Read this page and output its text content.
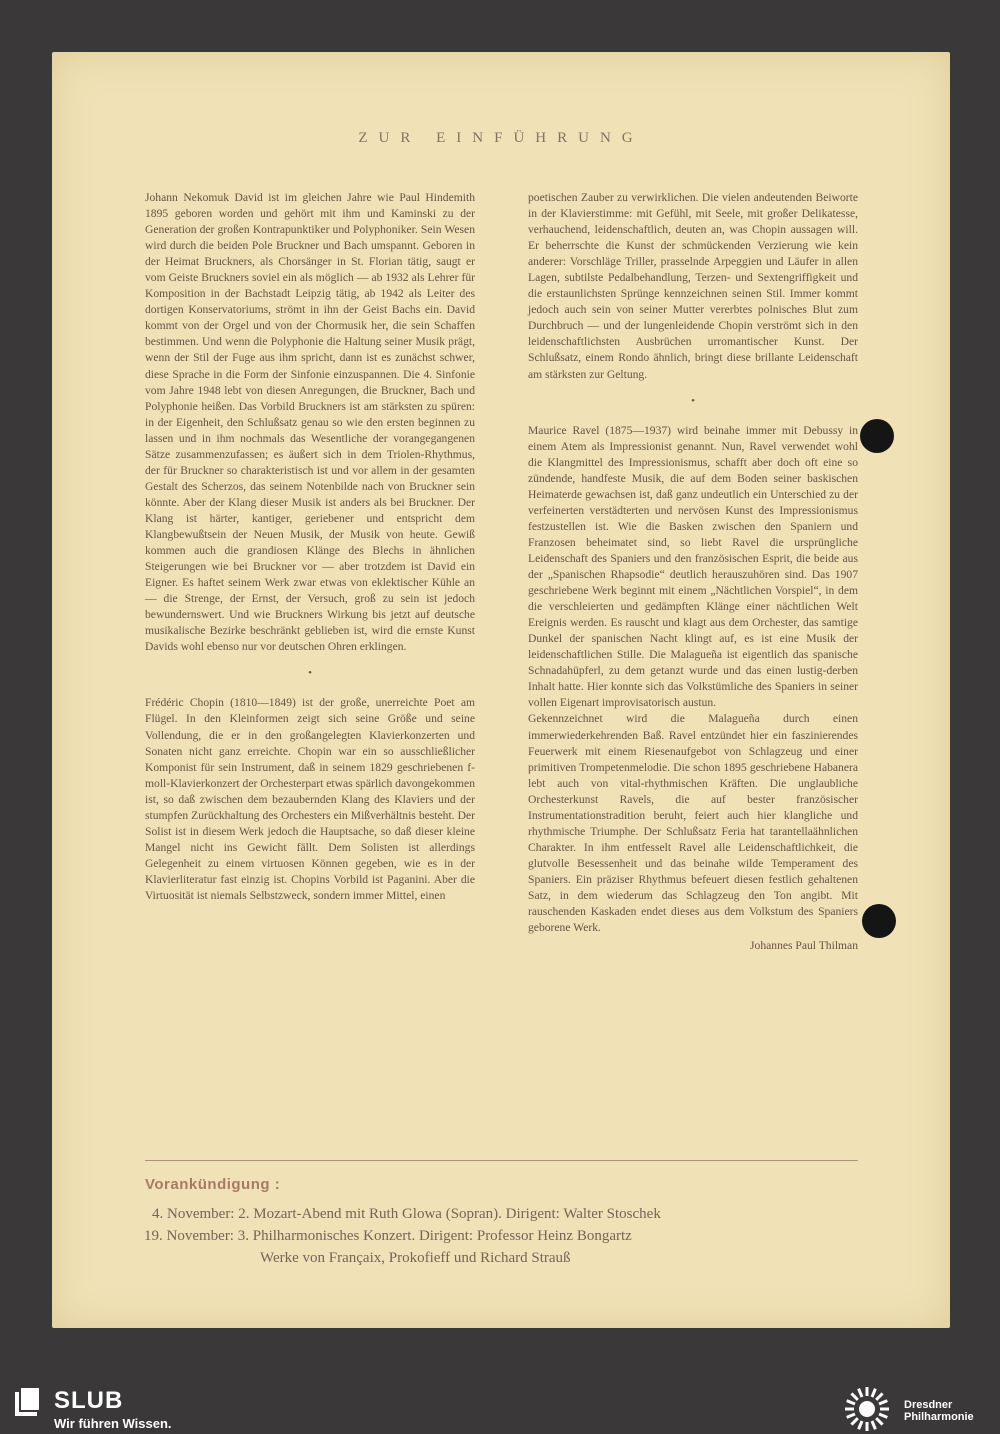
ZUR EINFÜHRUNG

Johann Nekomuk David ist im gleichen Jahre wie Paul Hindemith 1895 geboren worden und gehört mit ihm und Kaminski zu der Generation der großen Kontrapunktiker und Polyphoniker. Sein Wesen wird durch die beiden Pole Bruckner und Bach umspannt. Geboren in der Heimat Bruckners, als Chorsänger in St. Florian tätig, saugt er vom Geiste Bruckners soviel ein als möglich — ab 1932 als Lehrer für Komposition in der Bachstadt Leipzig tätig, ab 1942 als Leiter des dortigen Konservatoriums, strömt in ihn der Geist Bachs ein. David kommt von der Orgel und von der Chormusik her, die sein Schaffen bestimmen. Und wenn die Polyphonie die Haltung seiner Musik prägt, wenn der Stil der Fuge aus ihm spricht, dann ist es zunächst schwer, diese Sprache in die Form der Sinfonie einzuspannen. Die 4. Sinfonie vom Jahre 1948 lebt von diesen Anregungen, die Bruckner, Bach und Polyphonie heißen. Das Vorbild Bruckners ist am stärksten zu spüren: in der Eigenheit, den Schlußsatz genau so wie den ersten beginnen zu lassen und in ihm nochmals das Wesentliche der vorangegangenen Sätze zusammenzufassen; es äußert sich in dem Triolen-Rhythmus, der für Bruckner so charakteristisch ist und vor allem in der gesamten Gestalt des Scherzos, das seinem Notenbilde nach von Bruckner sein könnte. Aber der Klang dieser Musik ist anders als bei Bruckner. Der Klang ist härter, kantiger, geriebener und entspricht dem Klangbewußtsein der Neuen Musik, der Musik von heute. Gewiß kommen auch die grandiosen Klänge des Blechs in ähnlichen Steigerungen wie bei Bruckner vor — aber trotzdem ist David ein Eigner. Es haftet seinem Werk zwar etwas von eklektischer Kühle an — die Strenge, der Ernst, der Versuch, groß zu sein ist jedoch bewundernswert. Und wie Bruckners Wirkung bis jetzt auf deutsche musikalische Bezirke beschränkt geblieben ist, wird die ernste Kunst Davids wohl ebenso nur vor deutschen Ohren erklingen.

•

Frédéric Chopin (1810—1849) ist der große, unerreichte Poet am Flügel. In den Kleinformen zeigt sich seine Größe und seine Vollendung, die er in den großangelegten Klavierkonzerten und Sonaten nicht ganz erreichte. Chopin war ein so ausschließlicher Komponist für sein Instrument, daß in seinem 1829 geschriebenen f-moll-Klavierkonzert der Orchesterpart etwas spärlich davongekommen ist, so daß zwischen dem bezaubernden Klang des Klaviers und der stumpfen Zurückhaltung des Orchesters ein Mißverhältnis besteht. Der Solist ist in diesem Werk jedoch die Hauptsache, so daß dieser kleine Mangel nicht ins Gewicht fällt. Dem Solisten ist allerdings Gelegenheit zu einem virtuosen Können gegeben, wie es in der Klavierliteratur fast einzig ist. Chopins Vorbild ist Paganini. Aber die Virtuosität ist niemals Selbstzweck, sondern immer Mittel, einen

poetischen Zauber zu verwirklichen. Die vielen andeutenden Beiworte in der Klavierstimme: mit Gefühl, mit Seele, mit großer Delikatesse, verhauchend, leidenschaftlich, deuten an, was Chopin aussagen will. Er beherrschte die Kunst der schmückenden Verzierung wie kein anderer: Vorschläge Triller, prasselnde Arpeggien und Läufer in allen Lagen, subtilste Pedalbehandlung, Terzen- und Sextengriffigkeit und die erstaunlichsten Sprünge kennzeichnen seinen Stil. Immer kommt jedoch auch sein von seiner Mutter vererbtes polnisches Blut zum Durchbruch — und der lungenleidende Chopin verströmt sich in den leidenschaftlichsten Ausbrüchen urromantischer Kunst. Der Schlußsatz, einem Rondo ähnlich, bringt diese brillante Leidenschaft am stärksten zur Geltung.

•

Maurice Ravel (1875—1937) wird beinahe immer mit Debussy in einem Atem als Impressionist genannt. Nun, Ravel verwendet wohl die Klangmittel des Impressionismus, schafft aber doch oft eine so zündende, handfeste Musik, die auf dem Boden seiner baskischen Heimaterde gewachsen ist, daß ganz undeutlich ein Unterschied zu der verfeinerten verstädterten und nervösen Kunst des Impressionismus festzustellen ist. Wie die Basken zwischen den Spaniern und Franzosen beheimatet sind, so liebt Ravel die ursprüngliche Leidenschaft des Spaniers und den französischen Esprit, die beide aus der „Spanischen Rhapsodie“ deutlich herauszuhören sind. Das 1907 geschriebene Werk beginnt mit einem „Nächtlichen Vorspiel“, in dem die verschleierten und gedämpften Klänge einer nächtlichen Welt Ereignis werden. Es rauscht und klagt aus dem Orchester, das samtige Dunkel der spanischen Nacht klingt auf, es ist eine Musik der leidenschaftlichen Stille. Die Malagueña ist eigentlich das spanische Schnadahüpferl, zu dem getanzt wurde und das einen lustig-derben Inhalt hatte. Hier konnte sich das Volkstümliche des Spaniers in seiner vollen Eigenart improvisatorisch austun.

Gekennzeichnet wird die Malagueña durch einen immerwiederkehrenden Baß. Ravel entzündet hier ein faszinierendes Feuerwerk mit einem Riesenaufgebot von Schlagzeug und einer primitiven Trompetenmelodie. Die schon 1895 geschriebene Habanera lebt auch von vital-rhythmischen Kräften. Die unglaubliche Orchesterkunst Ravels, die auf bester französischer Instrumentationstradition beruht, feiert auch hier klangliche und rhythmische Triumphe. Der Schlußsatz Feria hat tarantellaähnlichen Charakter. In ihm entfesselt Ravel alle Leidenschaftlichkeit, die glutvolle Besessenheit und das beinahe wilde Temperament des Spaniers. Ein präziser Rhythmus befeuert diesen festlich gehaltenen Satz, in dem wiederum das Schlagzeug den Ton angibt. Mit rauschenden Kaskaden endet dieses aus dem Volkstum des Spaniers geborene Werk.

Johannes Paul Thilman
Vorankündigung :
4. November: 2. Mozart-Abend mit Ruth Glowa (Sopran). Dirigent: Walter Stoschek
19. November: 3. Philharmonisches Konzert. Dirigent: Professor Heinz Bongartz
Werke von Françaix, Prokofieff und Richard Strauß
SLUB
Wir führen Wissen.
Dresdner
Philharmonie
